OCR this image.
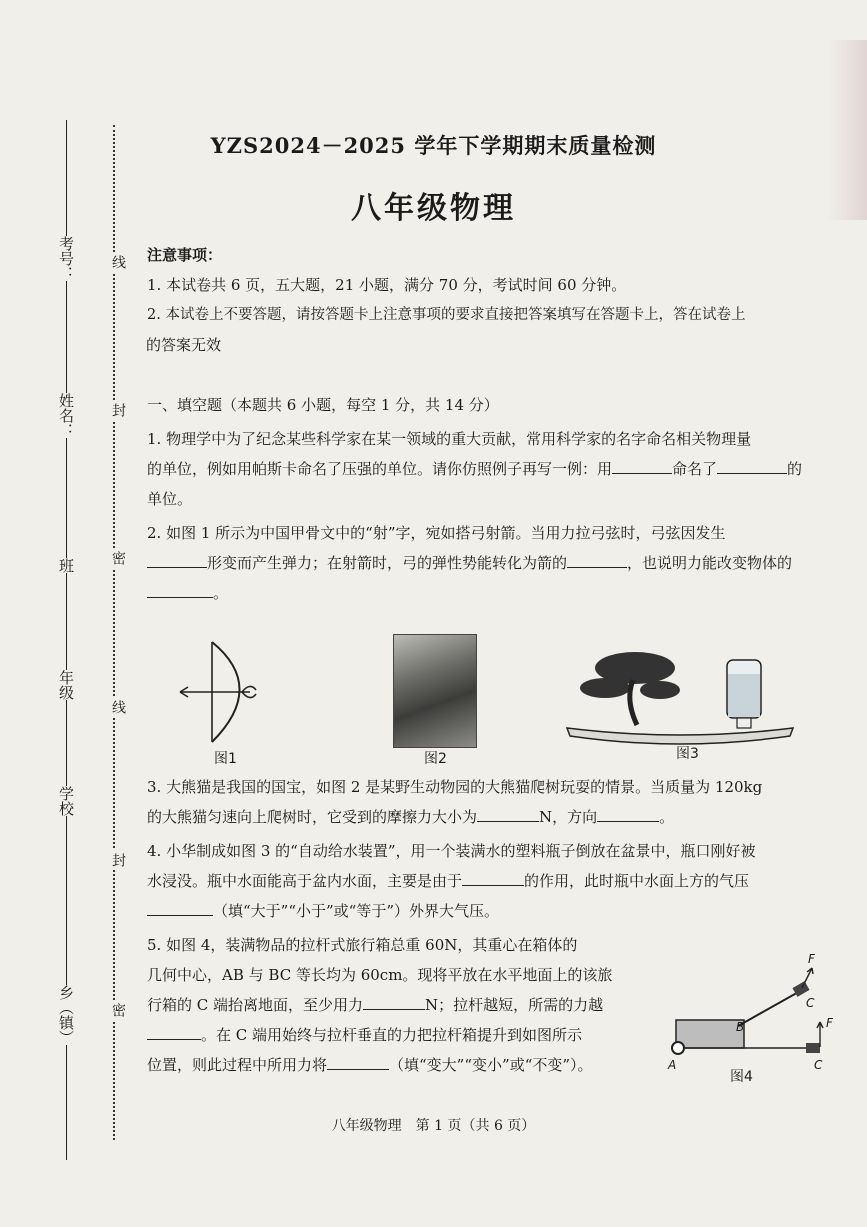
考号：
姓名：
班
年级
学校
乡（镇）
线
封
密
线
封
密
YZS2024－2025 学年下学期期末质量检测
八年级物理
注意事项：
1. 本试卷共 6 页，五大题，21 小题，满分 70 分，考试时间 60 分钟。
2. 本试卷上不要答题，请按答题卡上注意事项的要求直接把答案填写在答题卡上，答在试卷上
的答案无效
一、填空题（本题共 6 小题，每空 1 分，共 14 分）
1. 物理学中为了纪念某些科学家在某一领域的重大贡献，常用科学家的名字命名相关物理量
的单位，例如用帕斯卡命名了压强的单位。请你仿照例子再写一例：用	命名了	的
单位。
2. 如图 1 所示为中国甲骨文中的“射”字，宛如搭弓射箭。当用力拉弓弦时，弓弦因发生
形变而产生弹力；在射箭时，弓的弹性势能转化为箭的	，也说明力能改变物体的
。
图1	图2	图3
3. 大熊猫是我国的国宝，如图 2 是某野生动物园的大熊猫爬树玩耍的情景。当质量为 120kg
的大熊猫匀速向上爬树时，它受到的摩擦力大小为	N，方向	。
4. 小华制成如图 3 的“自动给水装置”，用一个装满水的塑料瓶子倒放在盆景中，瓶口刚好被
水浸没。瓶中水面能高于盆内水面，主要是由于	的作用，此时瓶中水面上方的气压
（填“大于”“小于”或“等于”）外界大气压。
5. 如图 4，装满物品的拉杆式旅行箱总重 60N，其重心在箱体的
几何中心，AB 与 BC 等长均为 60cm。现将平放在水平地面上的该旅
行箱的 C 端抬离地面，至少用力	N；拉杆越短，所需的力越
。在 C 端用始终与拉杆垂直的力把拉杆箱提升到如图所示
位置，则此过程中所用力将	（填“变大”“变小”或“不变”）。	A
B
C
C
F
F
图4
八年级物理　第 1 页（共 6 页）
